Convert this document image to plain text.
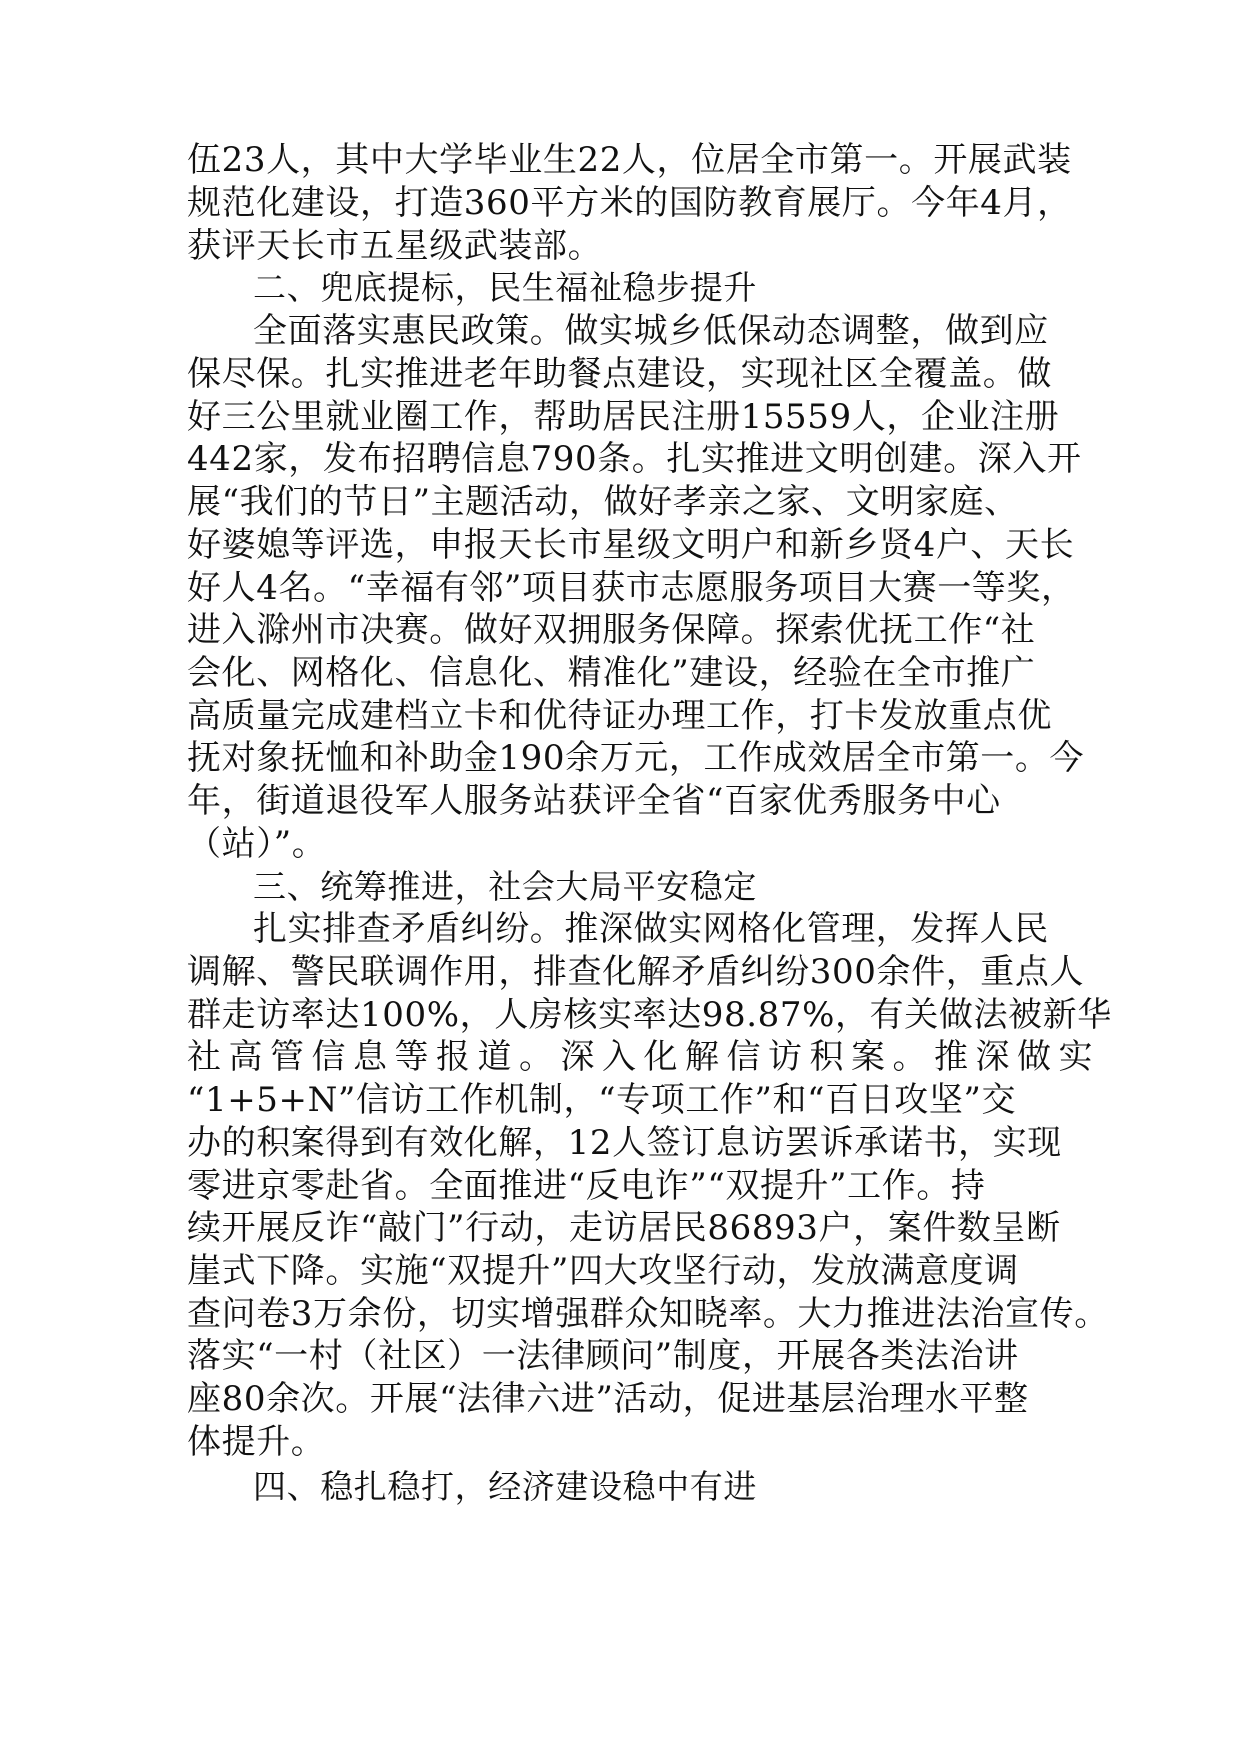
伍23人，其中大学毕业生22人，位居全市第一。开展武装
规范化建设，打造360平方米的国防教育展厅。今年4月，
获评天长市五星级武装部。
二、兜底提标，民生福祉稳步提升
全面落实惠民政策。做实城乡低保动态调整，做到应
保尽保。扎实推进老年助餐点建设，实现社区全覆盖。做
好三公里就业圈工作，帮助居民注册15559人，企业注册
442家，发布招聘信息790条。扎实推进文明创建。深入开
展“我们的节日”主题活动，做好孝亲之家、文明家庭、
好婆媳等评选，申报天长市星级文明户和新乡贤4户、天长
好人4名。“幸福有邻”项目获市志愿服务项目大赛一等奖，
进入滁州市决赛。做好双拥服务保障。探索优抚工作“社
会化、网格化、信息化、精准化”建设，经验在全市推广
高质量完成建档立卡和优待证办理工作，打卡发放重点优
抚对象抚恤和补助金190余万元，工作成效居全市第一。今
年，街道退役军人服务站获评全省“百家优秀服务中心
（站）”。
三、统筹推进，社会大局平安稳定
扎实排查矛盾纠纷。推深做实网格化管理，发挥人民
调解、警民联调作用，排查化解矛盾纠纷300余件，重点人
群走访率达100%，人房核实率达98.87%，有关做法被新华
社高管信息等报道。深入化解信访积案。推深做实
“1+5+N”信访工作机制，“专项工作”和“百日攻坚”交
办的积案得到有效化解，12人签订息访罢诉承诺书，实现
零进京零赴省。全面推进“反电诈”“双提升”工作。持
续开展反诈“敲门”行动，走访居民86893户，案件数呈断
崖式下降。实施“双提升”四大攻坚行动，发放满意度调
查问卷3万余份，切实增强群众知晓率。大力推进法治宣传。
落实“一村（社区）一法律顾问”制度，开展各类法治讲
座80余次。开展“法律六进”活动，促进基层治理水平整
体提升。
四、稳扎稳打，经济建设稳中有进
